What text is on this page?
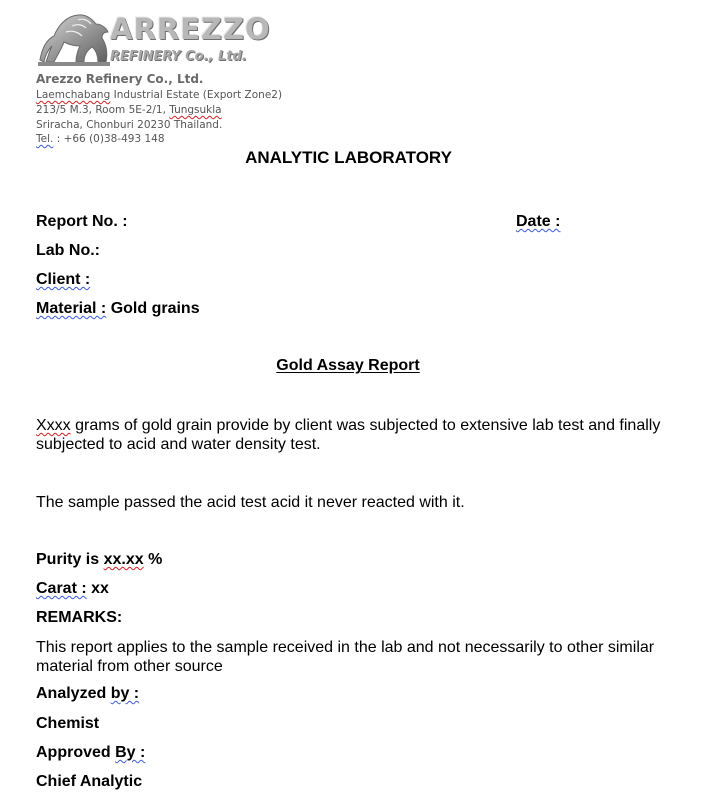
ARREZZO
REFINERY Co., Ltd.
Arezzo Refinery Co., Ltd.
Laemchabang Industrial Estate (Export Zone2)
213/5 M.3, Room 5E-2/1, Tungsukla
Sriracha, Chonburi 20230 Thailand.
Tel. : +66 (0)38-493 148
ANALYTIC LABORATORY
Report No. :	Date :
Lab No.:
Client :
Material : Gold grains
Gold Assay Report
Xxxx grams of gold grain provide by client was subjected to extensive lab test and finally subjected to acid and water density test.
The sample passed the acid test acid it never reacted with it.
Purity is xx.xx %
Carat : xx
REMARKS:
This report applies to the sample received in the lab and not necessarily to other similar material from other source
Analyzed by :
Chemist
Approved By :
Chief Analytic
